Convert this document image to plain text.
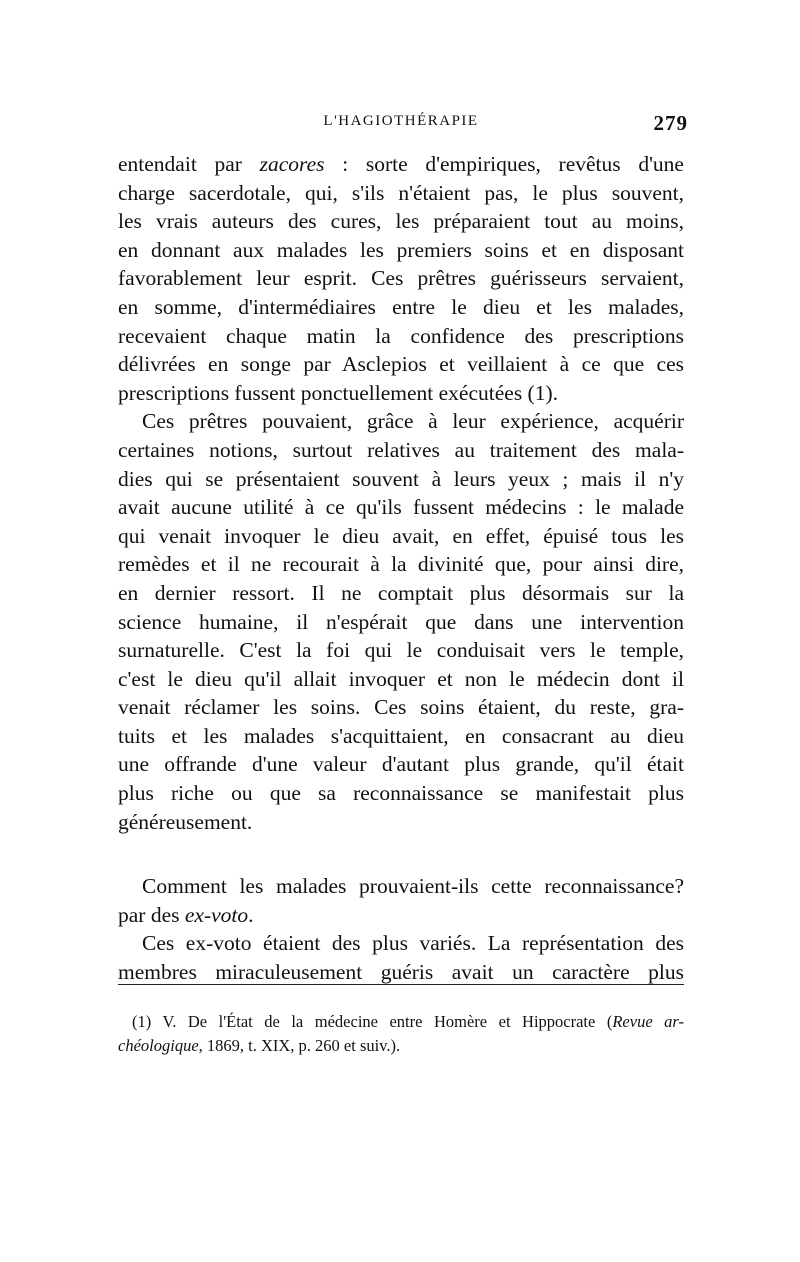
L'HAGIOTHÉRAPIE	279
entendait par zacores : sorte d'empiriques, revêtus d'une
charge sacerdotale, qui, s'ils n'étaient pas, le plus souvent,
les vrais auteurs des cures, les préparaient tout au moins,
en donnant aux malades les premiers soins et en disposant
favorablement leur esprit. Ces prêtres guérisseurs servaient,
en somme, d'intermédiaires entre le dieu et les malades,
recevaient chaque matin la confidence des prescriptions
délivrées en songe par Asclepios et veillaient à ce que ces
prescriptions fussent ponctuellement exécutées (1).
Ces prêtres pouvaient, grâce à leur expérience, acquérir
certaines notions, surtout relatives au traitement des mala-
dies qui se présentaient souvent à leurs yeux ; mais il n'y
avait aucune utilité à ce qu'ils fussent médecins : le malade
qui venait invoquer le dieu avait, en effet, épuisé tous les
remèdes et il ne recourait à la divinité que, pour ainsi dire,
en dernier ressort. Il ne comptait plus désormais sur la
science humaine, il n'espérait que dans une intervention
surnaturelle. C'est la foi qui le conduisait vers le temple,
c'est le dieu qu'il allait invoquer et non le médecin dont il
venait réclamer les soins. Ces soins étaient, du reste, gra-
tuits et les malades s'acquittaient, en consacrant au dieu
une offrande d'une valeur d'autant plus grande, qu'il était
plus riche ou que sa reconnaissance se manifestait plus
généreusement.
Comment les malades prouvaient-ils cette reconnaissance?
par des ex-voto.
Ces ex-voto étaient des plus variés. La représentation des
membres miraculeusement guéris avait un caractère plus
(1) V. De l'État de la médecine entre Homère et Hippocrate (Revue ar-
chéologique, 1869, t. XIX, p. 260 et suiv.).
